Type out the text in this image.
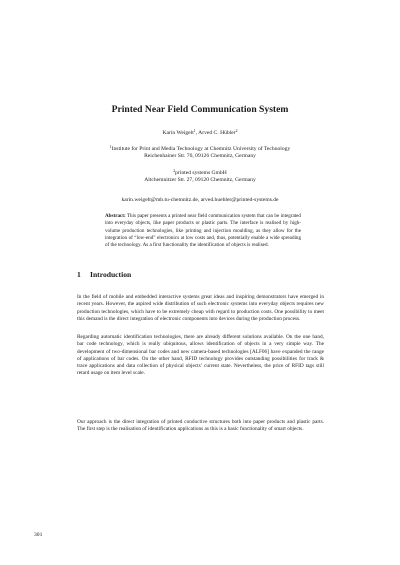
Printed Near Field Communication System
Karin Weigelt$^1$, Arved C. Hübler$^2$
$^1$Institute for Print and Media Technology at Chemnitz University of Technology
Reichenhainer Str. 70, 09126 Chemnitz, Germany
$^2$printed systems GmbH
Altchemnitzer Str. 27, 09120 Chemnitz, Germany
karin.weigelt@mb.tu-chemnitz.de, arved.huebler@printed-systems.de
Abstract: This paper presents a printed near field communication system that can be integrated into everyday objects, like paper products or plastic parts. The interface is realised by high-volume production technologies, like printing and injection moulding, as they allow for the integration of “low-end” electronics at low costs and, thus, potentially enable a wide spreading of the technology. As a first functionality the identification of objects is realised.
1 Introduction
In the field of mobile and embedded interactive systems great ideas and inspiring demonstrators have emerged in recent years. However, the aspired wide distribution of such electronic systems into everyday objects requires new production technologies, which have to be extremely cheap with regard to production costs. One possibility to meet this demand is the direct integration of electronic components into devices during the production process.
Regarding automatic identification technologies, there are already different solutions available. On the one hand, bar code technology, which is really ubiquitous, allows identification of objects in a very simple way. The development of two-dimensional bar codes and new camera-based technologies [ALF06] have expanded the range of applications of bar codes. On the other hand, RFID technology provides outstanding possibilities for track & trace applications and data collection of physical objects’ current state. Nevertheless, the price of RFID tags still retard usage on item level scale.
Our approach is the direct integration of printed conductive structures both into paper products and plastic parts. The first step is the realisation of identification applications as this is a basic functionality of smart objects.
301
